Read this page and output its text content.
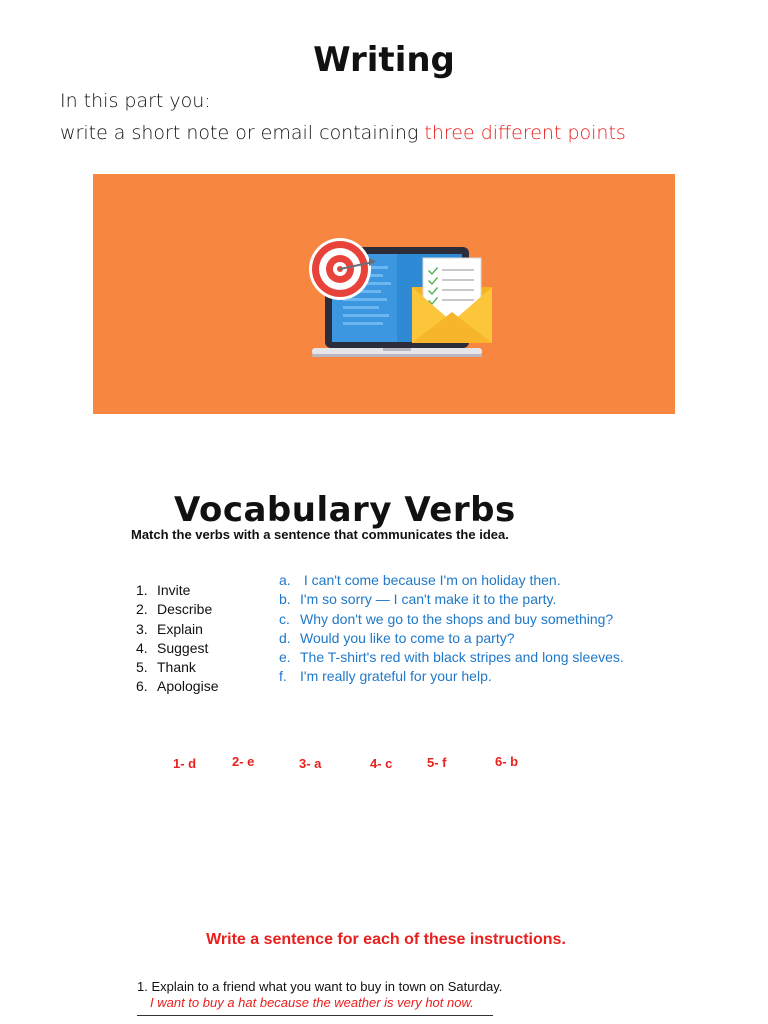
Writing
In this part you:
write a short note or email containing three different points
Vocabulary Verbs
Match the verbs with a sentence that communicates the idea.
1. Invite
2. Describe
3. Explain
4. Suggest
5. Thank
6. Apologise
a. I can't come because I'm on holiday then.
b. I'm so sorry — I can't make it to the party.
c. Why don't we go to the shops and buy something?
d. Would you like to come to a party?
e. The T-shirt's red with black stripes and long sleeves.
f. I'm really grateful for your help.
1- d	2- e	3- a	4- c	5- f	6- b
Write a sentence for each of these instructions.
1. Explain to a friend what you want to buy in town on Saturday.
I want to buy a hat because the weather is very hot now.
